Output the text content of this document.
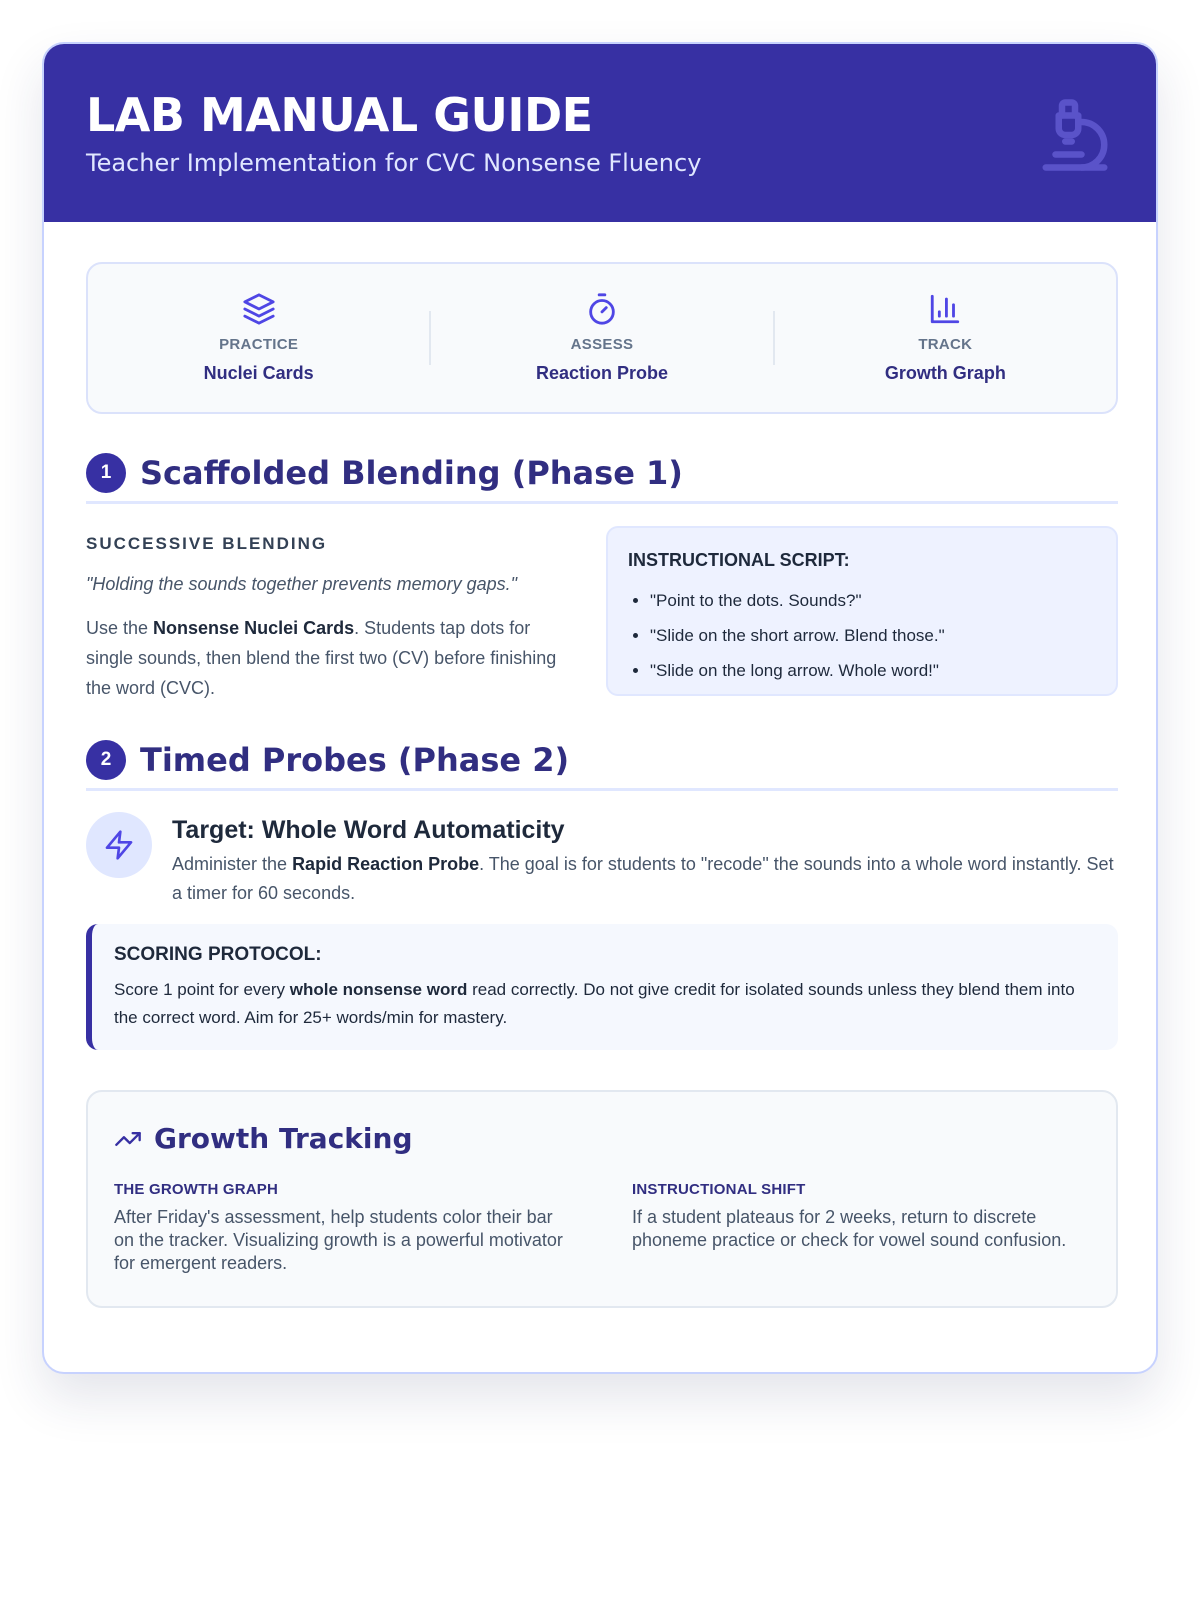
LAB MANUAL GUIDE
Teacher Implementation for CVC Nonsense Fluency
PRACTICE
Nuclei Cards
ASSESS
Reaction Probe
TRACK
Growth Graph
1 Scaffolded Blending (Phase 1)
SUCCESSIVE BLENDING
"Holding the sounds together prevents memory gaps."
Use the Nonsense Nuclei Cards. Students tap dots for single sounds, then blend the first two (CV) before finishing the word (CVC).
INSTRUCTIONAL SCRIPT:
• "Point to the dots. Sounds?"
• "Slide on the short arrow. Blend those."
• "Slide on the long arrow. Whole word!"
2 Timed Probes (Phase 2)
Target: Whole Word Automaticity
Administer the Rapid Reaction Probe. The goal is for students to "recode" the sounds into a whole word instantly. Set a timer for 60 seconds.
SCORING PROTOCOL:
Score 1 point for every whole nonsense word read correctly. Do not give credit for isolated sounds unless they blend them into the correct word. Aim for 25+ words/min for mastery.
Growth Tracking
THE GROWTH GRAPH
After Friday's assessment, help students color their bar on the tracker. Visualizing growth is a powerful motivator for emergent readers.
INSTRUCTIONAL SHIFT
If a student plateaus for 2 weeks, return to discrete phoneme practice or check for vowel sound confusion.
